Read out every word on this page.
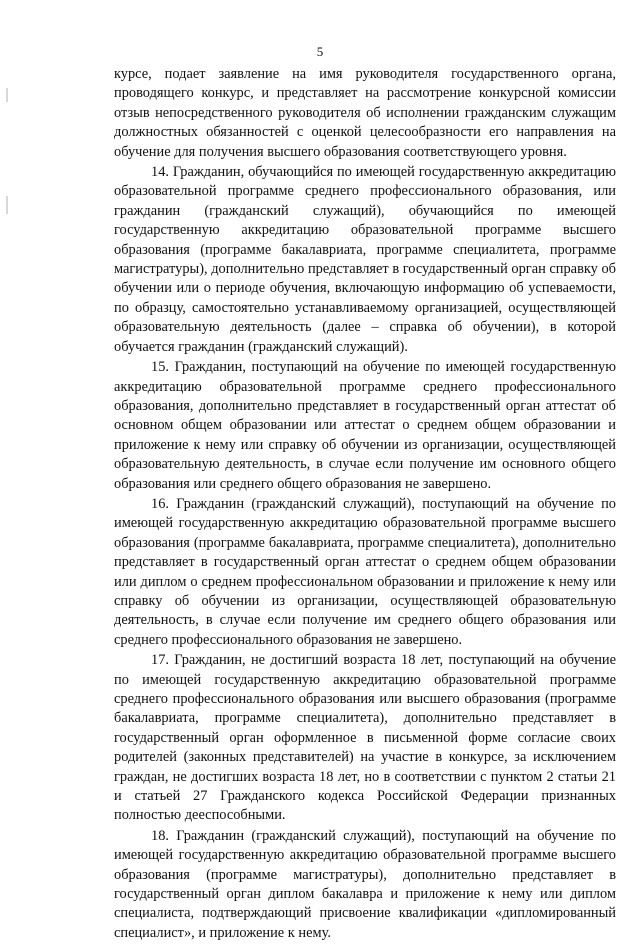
5

курсе, подает заявление на имя руководителя государственного органа, проводящего конкурс, и представляет на рассмотрение конкурсной комиссии отзыв непосредственного руководителя об исполнении гражданским служащим должностных обязанностей с оценкой целесообразности его направления на обучение для получения высшего образования соответствующего уровня.

14. Гражданин, обучающийся по имеющей государственную аккредитацию образовательной программе среднего профессионального образования, или гражданин (гражданский служащий), обучающийся по имеющей государственную аккредитацию образовательной программе высшего образования (программе бакалавриата, программе специалитета, программе магистратуры), дополнительно представляет в государственный орган справку об обучении или о периоде обучения, включающую информацию об успеваемости, по образцу, самостоятельно устанавливаемому организацией, осуществляющей образовательную деятельность (далее – справка об обучении), в которой обучается гражданин (гражданский служащий).

15. Гражданин, поступающий на обучение по имеющей государственную аккредитацию образовательной программе среднего профессионального образования, дополнительно представляет в государственный орган аттестат об основном общем образовании или аттестат о среднем общем образовании и приложение к нему или справку об обучении из организации, осуществляющей образовательную деятельность, в случае если получение им основного общего образования или среднего общего образования не завершено.

16. Гражданин (гражданский служащий), поступающий на обучение по имеющей государственную аккредитацию образовательной программе высшего образования (программе бакалавриата, программе специалитета), дополнительно представляет в государственный орган аттестат о среднем общем образовании или диплом о среднем профессиональном образовании и приложение к нему или справку об обучении из организации, осуществляющей образовательную деятельность, в случае если получение им среднего общего образования или среднего профессионального образования не завершено.

17. Гражданин, не достигший возраста 18 лет, поступающий на обучение по имеющей государственную аккредитацию образовательной программе среднего профессионального образования или высшего образования (программе бакалавриата, программе специалитета), дополнительно представляет в государственный орган оформленное в письменной форме согласие своих родителей (законных представителей) на участие в конкурсе, за исключением граждан, не достигших возраста 18 лет, но в соответствии с пунктом 2 статьи 21 и статьей 27 Гражданского кодекса Российской Федерации признанных полностью дееспособными.

18. Гражданин (гражданский служащий), поступающий на обучение по имеющей государственную аккредитацию образовательной программе высшего образования (программе магистратуры), дополнительно представляет в государственный орган диплом бакалавра и приложение к нему или диплом специалиста, подтверждающий присвоение квалификации «дипломированный специалист», и приложение к нему.
